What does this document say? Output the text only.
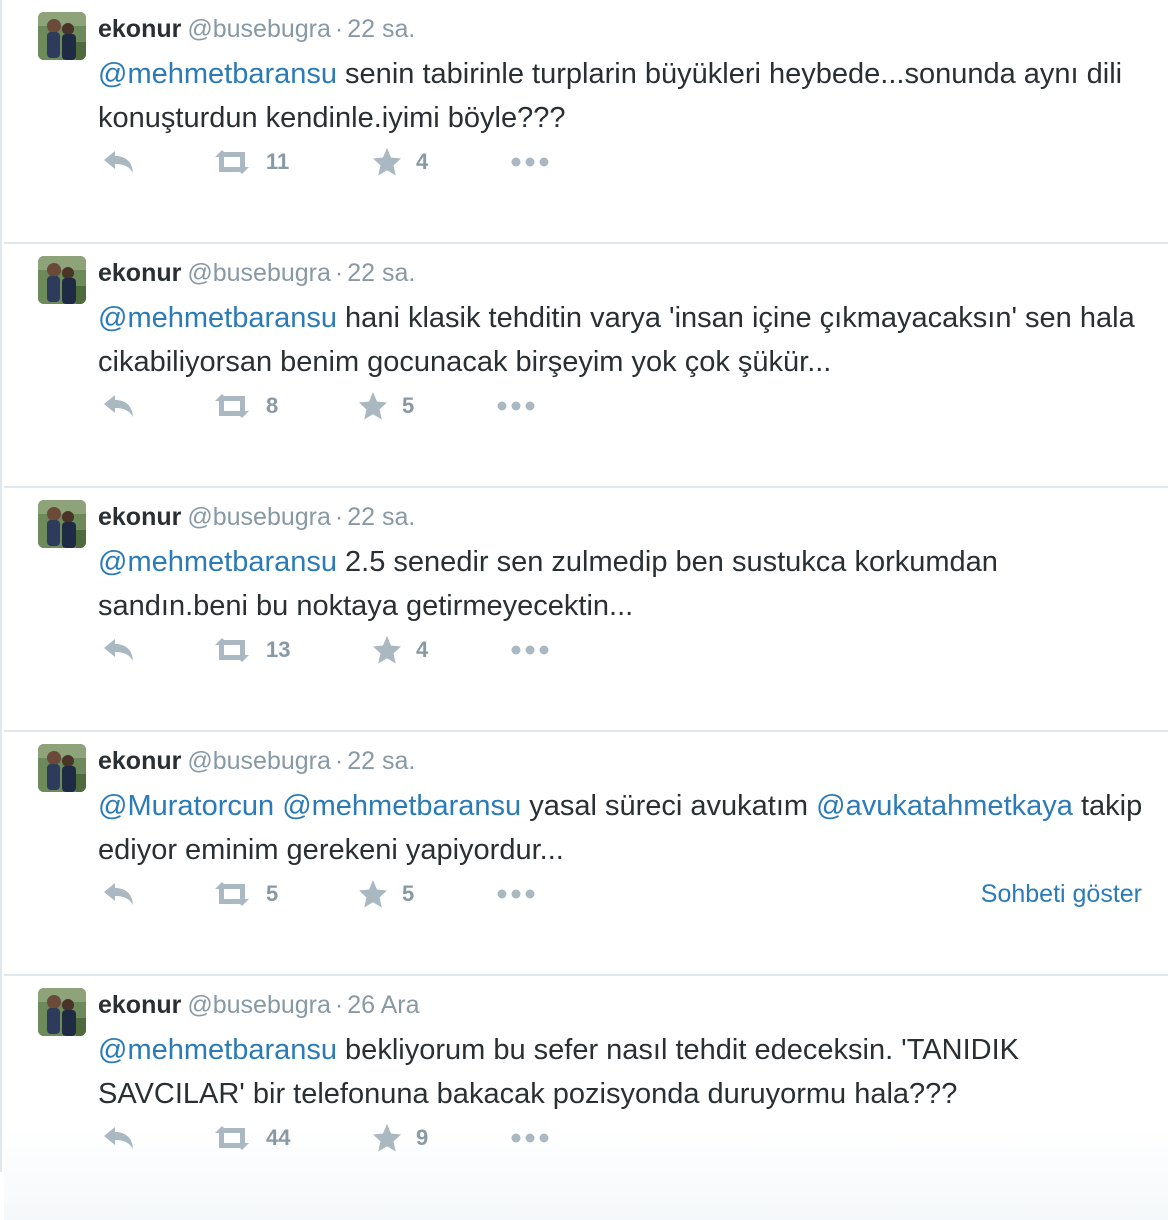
ekonur @busebugra · 22 sa.
@mehmetbaransu senin tabirinle turplarin büyükleri heybede...sonunda aynı dili konuşturdun kendinle.iyimi böyle???
11	4
ekonur @busebugra · 22 sa.
@mehmetbaransu hani klasik tehditin varya 'insan içine çıkmayacaksın' sen hala cikabiliyorsan benim gocunacak birşeyim yok çok şükür...
8	5
ekonur @busebugra · 22 sa.
@mehmetbaransu 2.5 senedir sen zulmedip ben sustukca korkumdan sandın.beni bu noktaya getirmeyecektin...
13	4
ekonur @busebugra · 22 sa.
@Muratorcun @mehmetbaransu yasal süreci avukatım @avukatahmetkaya takip ediyor eminim gerekeni yapiyordur...
5	5	Sohbeti göster
ekonur @busebugra · 26 Ara
@mehmetbaransu bekliyorum bu sefer nasıl tehdit edeceksin. 'TANIDIK SAVCILAR' bir telefonuna bakacak pozisyonda duruyormu hala???
44	9
